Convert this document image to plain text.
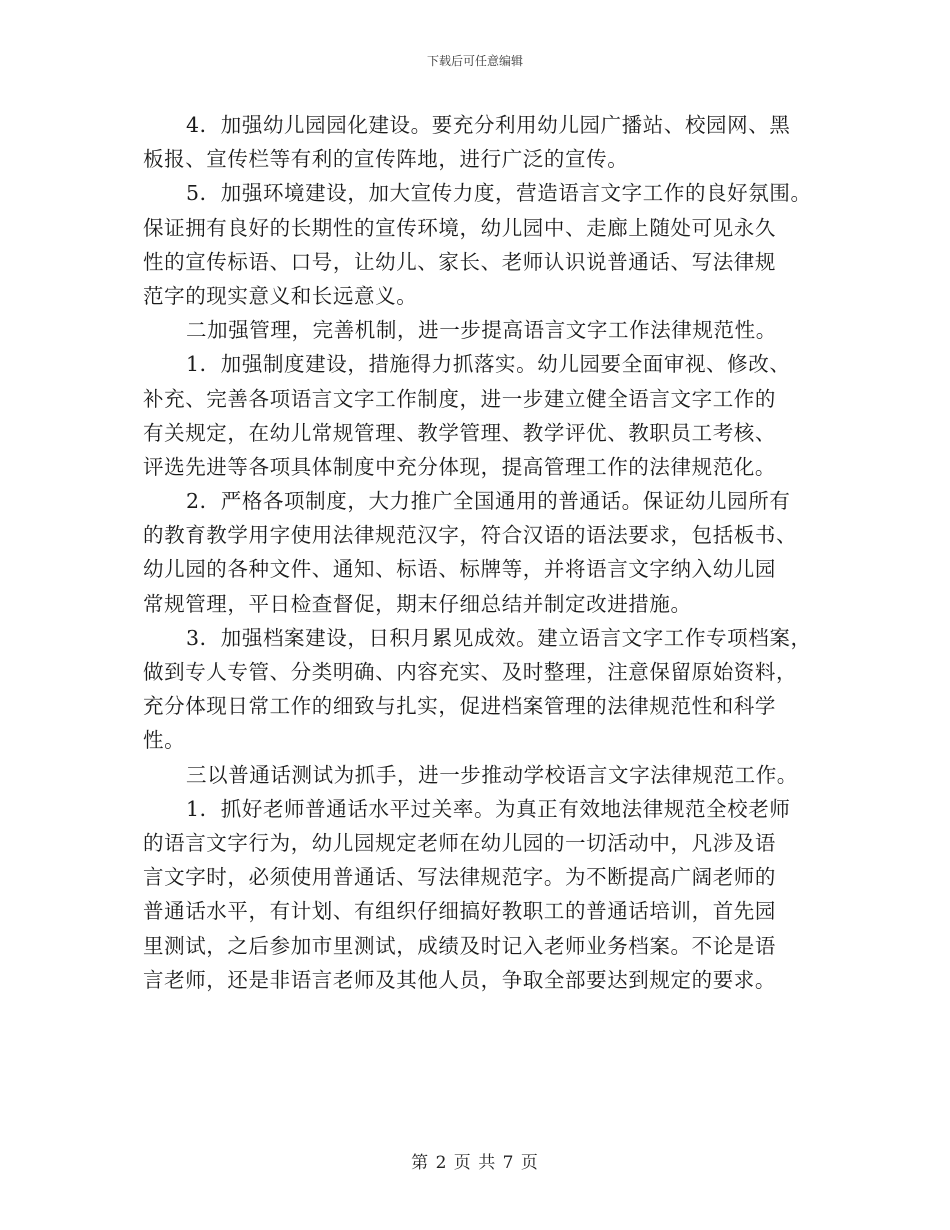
下载后可任意编辑
4．加强幼儿园园化建设。要充分利用幼儿园广播站、校园网、黑
板报、宣传栏等有利的宣传阵地，进行广泛的宣传。
5．加强环境建设，加大宣传力度，营造语言文字工作的良好氛围。
保证拥有良好的长期性的宣传环境，幼儿园中、走廊上随处可见永久
性的宣传标语、口号，让幼儿、家长、老师认识说普通话、写法律规
范字的现实意义和长远意义。
二加强管理，完善机制，进一步提高语言文字工作法律规范性。
1．加强制度建设，措施得力抓落实。幼儿园要全面审视、修改、
补充、完善各项语言文字工作制度，进一步建立健全语言文字工作的
有关规定，在幼儿常规管理、教学管理、教学评优、教职员工考核、
评选先进等各项具体制度中充分体现，提高管理工作的法律规范化。
2．严格各项制度，大力推广全国通用的普通话。保证幼儿园所有
的教育教学用字使用法律规范汉字，符合汉语的语法要求，包括板书、
幼儿园的各种文件、通知、标语、标牌等，并将语言文字纳入幼儿园
常规管理，平日检查督促，期末仔细总结并制定改进措施。
3．加强档案建设，日积月累见成效。建立语言文字工作专项档案，
做到专人专管、分类明确、内容充实、及时整理，注意保留原始资料，
充分体现日常工作的细致与扎实，促进档案管理的法律规范性和科学
性。
三以普通话测试为抓手，进一步推动学校语言文字法律规范工作。
1．抓好老师普通话水平过关率。为真正有效地法律规范全校老师
的语言文字行为，幼儿园规定老师在幼儿园的一切活动中，凡涉及语
言文字时，必须使用普通话、写法律规范字。为不断提高广阔老师的
普通话水平，有计划、有组织仔细搞好教职工的普通话培训，首先园
里测试，之后参加市里测试，成绩及时记入老师业务档案。不论是语
言老师，还是非语言老师及其他人员，争取全部要达到规定的要求。
第 2 页 共 7 页
